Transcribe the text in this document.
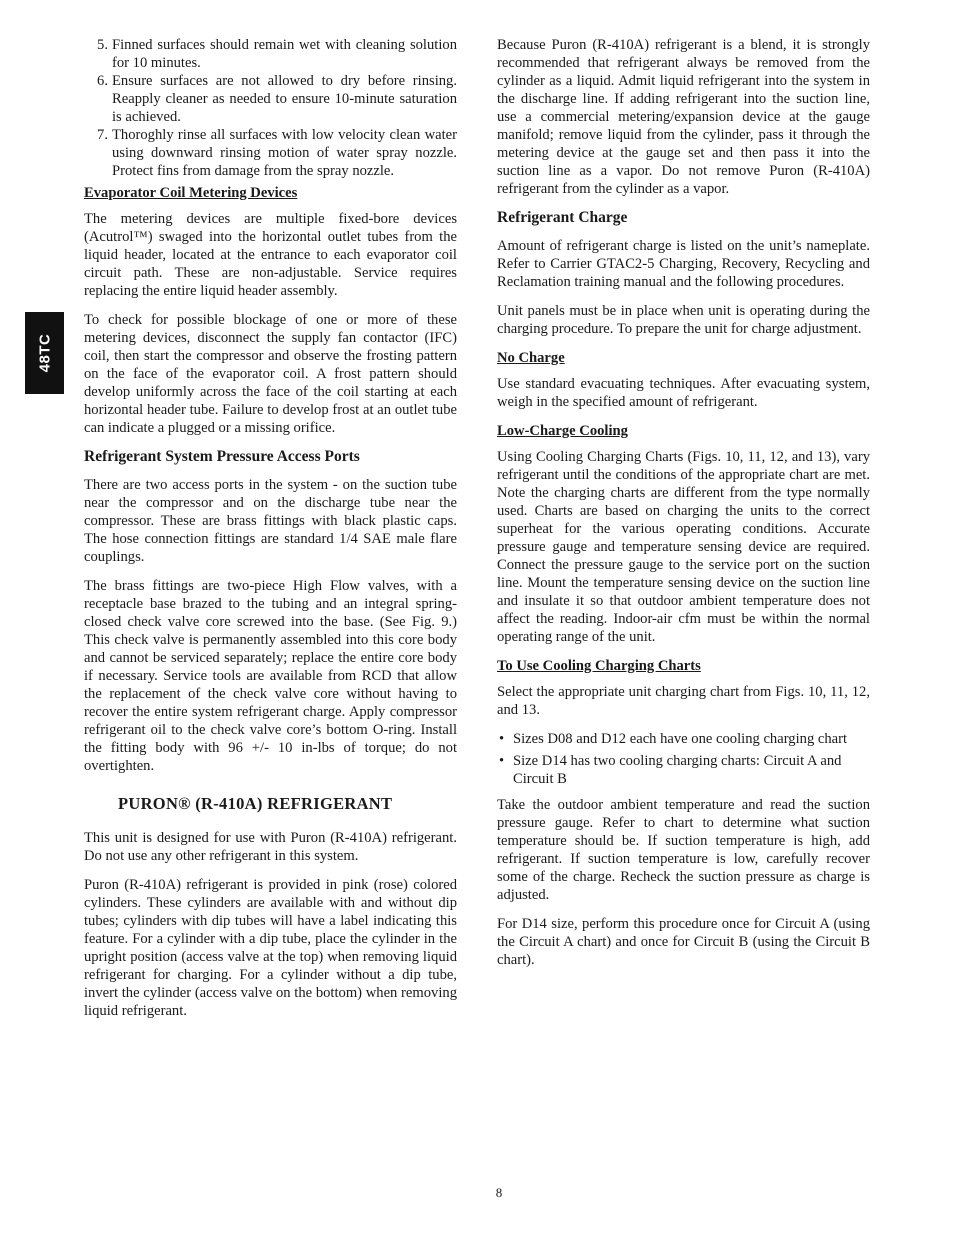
48TC
5. Finned surfaces should remain wet with cleaning solution for 10 minutes.
6. Ensure surfaces are not allowed to dry before rinsing. Reapply cleaner as needed to ensure 10-minute saturation is achieved.
7. Thoroghly rinse all surfaces with low velocity clean water using downward rinsing motion of water spray nozzle. Protect fins from damage from the spray nozzle.
Evaporator Coil Metering Devices

The metering devices are multiple fixed-bore devices (Acutrol™) swaged into the horizontal outlet tubes from the liquid header, located at the entrance to each evaporator coil circuit path. These are non-adjustable. Service requires replacing the entire liquid header assembly.

To check for possible blockage of one or more of these metering devices, disconnect the supply fan contactor (IFC) coil, then start the compressor and observe the frosting pattern on the face of the evaporator coil. A frost pattern should develop uniformly across the face of the coil starting at each horizontal header tube. Failure to develop frost at an outlet tube can indicate a plugged or a missing orifice.

Refrigerant System Pressure Access Ports

There are two access ports in the system - on the suction tube near the compressor and on the discharge tube near the compressor. These are brass fittings with black plastic caps. The hose connection fittings are standard 1/4 SAE male flare couplings.

The brass fittings are two-piece High Flow valves, with a receptacle base brazed to the tubing and an integral spring-closed check valve core screwed into the base. (See Fig. 9.) This check valve is permanently assembled into this core body and cannot be serviced separately; replace the entire core body if necessary. Service tools are available from RCD that allow the replacement of the check valve core without having to recover the entire system refrigerant charge. Apply compressor refrigerant oil to the check valve core’s bottom O-ring. Install the fitting body with 96 +/- 10 in-lbs of torque; do not overtighten.

PURON® (R-410A) REFRIGERANT

This unit is designed for use with Puron (R-410A) refrigerant. Do not use any other refrigerant in this system.

Puron (R-410A) refrigerant is provided in pink (rose) colored cylinders. These cylinders are available with and without dip tubes; cylinders with dip tubes will have a label indicating this feature. For a cylinder with a dip tube, place the cylinder in the upright position (access valve at the top) when removing liquid refrigerant for charging. For a cylinder without a dip tube, invert the cylinder (access valve on the bottom) when removing liquid refrigerant.

Because Puron (R-410A) refrigerant is a blend, it is strongly recommended that refrigerant always be removed from the cylinder as a liquid. Admit liquid refrigerant into the system in the discharge line. If adding refrigerant into the suction line, use a commercial metering/expansion device at the gauge manifold; remove liquid from the cylinder, pass it through the metering device at the gauge set and then pass it into the suction line as a vapor. Do not remove Puron (R-410A) refrigerant from the cylinder as a vapor.

Refrigerant Charge

Amount of refrigerant charge is listed on the unit’s nameplate. Refer to Carrier GTAC2-5 Charging, Recovery, Recycling and Reclamation training manual and the following procedures.

Unit panels must be in place when unit is operating during the charging procedure. To prepare the unit for charge adjustment.

No Charge

Use standard evacuating techniques. After evacuating system, weigh in the specified amount of refrigerant.

Low-Charge Cooling

Using Cooling Charging Charts (Figs. 10, 11, 12, and 13), vary refrigerant until the conditions of the appropriate chart are met. Note the charging charts are different from the type normally used. Charts are based on charging the units to the correct superheat for the various operating conditions. Accurate pressure gauge and temperature sensing device are required. Connect the pressure gauge to the service port on the suction line. Mount the temperature sensing device on the suction line and insulate it so that outdoor ambient temperature does not affect the reading. Indoor-air cfm must be within the normal operating range of the unit.

To Use Cooling Charging Charts

Select the appropriate unit charging chart from Figs. 10, 11, 12, and 13.

• Sizes D08 and D12 each have one cooling charging chart
• Size D14 has two cooling charging charts: Circuit A and Circuit B

Take the outdoor ambient temperature and read the suction pressure gauge. Refer to chart to determine what suction temperature should be. If suction temperature is high, add refrigerant. If suction temperature is low, carefully recover some of the charge. Recheck the suction pressure as charge is adjusted.

For D14 size, perform this procedure once for Circuit A (using the Circuit A chart) and once for Circuit B (using the Circuit B chart).

8
